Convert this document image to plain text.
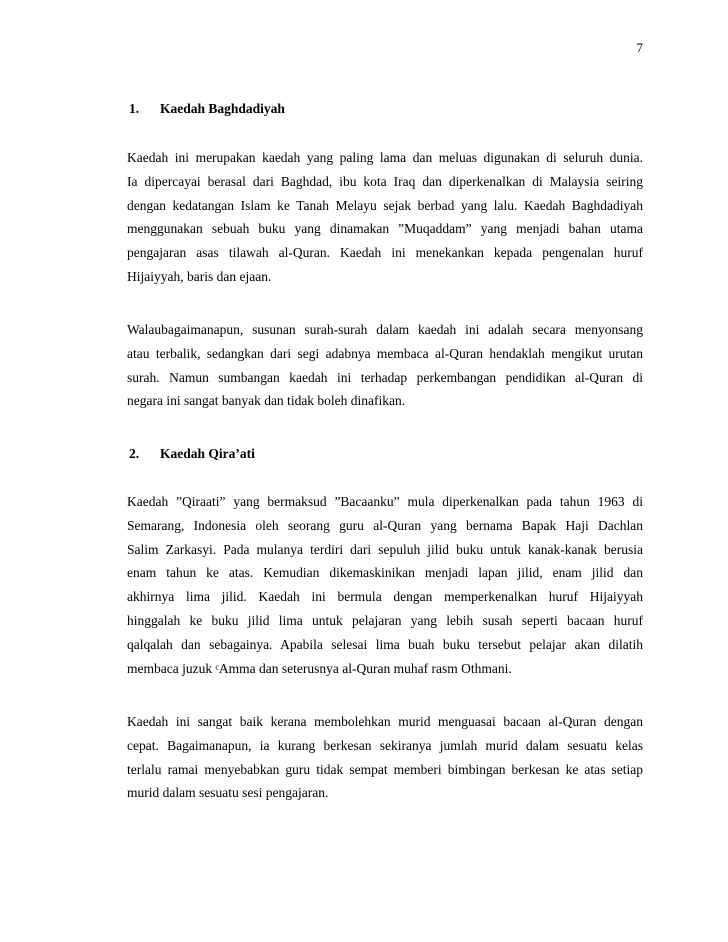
7
1. Kaedah Baghdadiyah
Kaedah ini merupakan kaedah yang paling lama dan meluas digunakan di seluruh dunia.
Ia dipercayai berasal dari Baghdad, ibu kota Iraq dan diperkenalkan di Malaysia seiring
dengan kedatangan Islam ke Tanah Melayu sejak berbad yang lalu. Kaedah Baghdadiyah
menggunakan sebuah buku yang dinamakan ”Muqaddam” yang menjadi bahan utama
pengajaran asas tilawah al-Quran. Kaedah ini menekankan kepada pengenalan huruf
Hijaiyyah, baris dan ejaan.
Walaubagaimanapun, susunan surah-surah dalam kaedah ini adalah secara menyonsang
atau terbalik, sedangkan dari segi adabnya membaca al-Quran hendaklah mengikut urutan
surah. Namun sumbangan kaedah ini terhadap perkembangan pendidikan al-Quran di
negara ini sangat banyak dan tidak boleh dinafikan.
2. Kaedah Qira’ati
Kaedah ”Qiraati” yang bermaksud ”Bacaanku” mula diperkenalkan pada tahun 1963 di
Semarang, Indonesia oleh seorang guru al-Quran yang bernama Bapak Haji Dachlan
Salim Zarkasyi. Pada mulanya terdiri dari sepuluh jilid buku untuk kanak-kanak berusia
enam tahun ke atas. Kemudian dikemaskinikan menjadi lapan jilid, enam jilid dan
akhirnya lima jilid. Kaedah ini bermula dengan memperkenalkan huruf Hijaiyyah
hinggalah ke buku jilid lima untuk pelajaran yang lebih susah seperti bacaan huruf
qalqalah dan sebagainya. Apabila selesai lima buah buku tersebut pelajar akan dilatih
membaca juzuk ᶜAmma dan seterusnya al-Quran muhaf rasm Othmani.
Kaedah ini sangat baik kerana membolehkan murid menguasai bacaan al-Quran dengan
cepat. Bagaimanapun, ia kurang berkesan sekiranya jumlah murid dalam sesuatu kelas
terlalu ramai menyebabkan guru tidak sempat memberi bimbingan berkesan ke atas setiap
murid dalam sesuatu sesi pengajaran.
